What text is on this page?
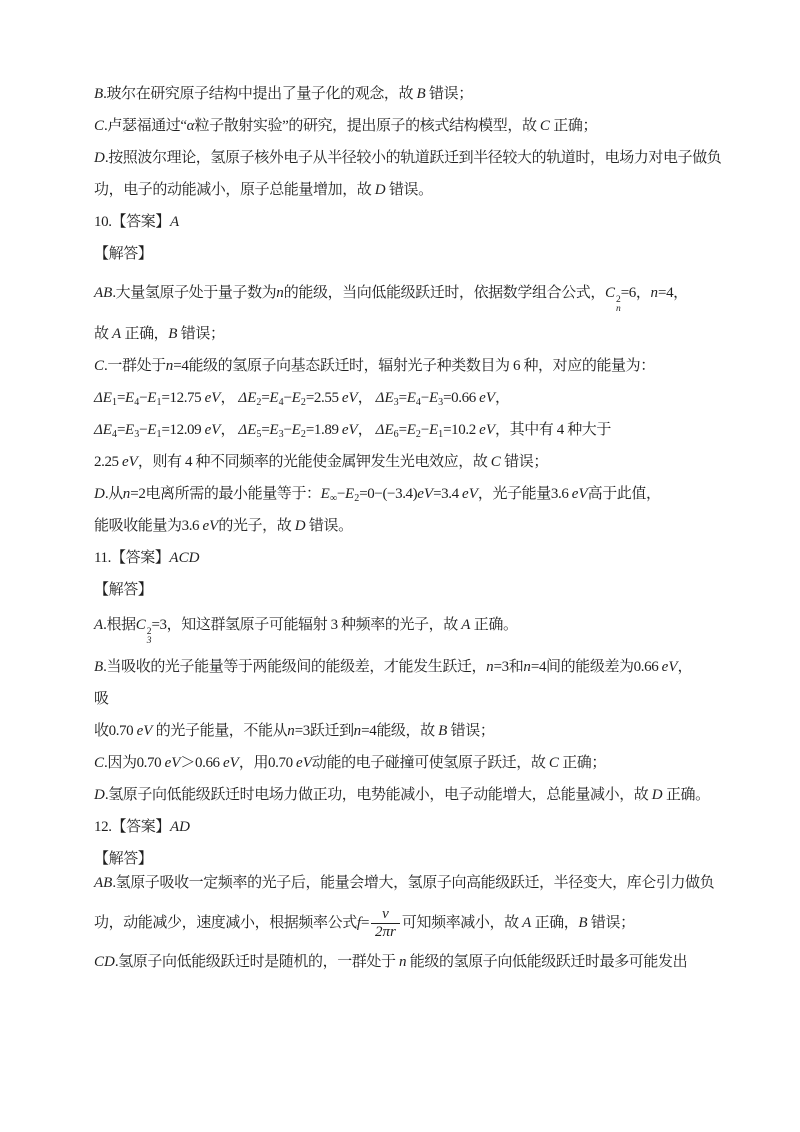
B.玻尔在研究原子结构中提出了量子化的观念，故 B 错误；
C.卢瑟福通过“α粒子散射实验”的研究，提出原子的核式结构模型，故 C 正确；
D.按照波尔理论，氢原子核外电子从半径较小的轨道跃迁到半径较大的轨道时，电场力对电子做负
功，电子的动能减小，原子总能量增加，故 D 错误。
10.【答案】A
【解答】
AB.大量氢原子处于量子数为n的能级，当向低能级跃迁时，依据数学组合公式，C 2
n
=6，n=4，
故 A 正确，B 错误；
C.一群处于n=4能级的氢原子向基态跃迁时，辐射光子种类数目为 6 种，对应的能量为：
$\Delta E_1=E_4-E_1=12.75$ eV， $\Delta E_2=E_4-E_2=2.55$ eV， $\Delta E_3=E_4-E_3=0.66$ eV，
$\Delta E_4=E_3-E_1=12.09$ eV， $\Delta E_5=E_3-E_2=1.89$ eV， $\Delta E_6=E_2-E_1=10.2$ eV，其中有 4 种大于
2.25 eV，则有 4 种不同频率的光能使金属钾发生光电效应，故 C 错误；
D.从n=2电离所需的最小能量等于：$E_\infty-E_2=0-(-3.4)eV=3.4$ eV，光子能量3.6 eV高于此值，
能吸收能量为3.6 eV的光子，故 D 错误。
11.【答案】ACD
【解答】
A.根据C 2
3
=3，知这群氢原子可能辐射 3 种频率的光子，故 A 正确。
B.当吸收的光子能量等于两能级间的能级差，才能发生跃迁，n=3和n=4间的能级差为0.66 eV，
吸
收0.70 eV 的光子能量，不能从n=3跃迁到n=4能级，故 B 错误；
C.因为0.70 eV＞0.66 eV，用0.70 eV动能的电子碰撞可使氢原子跃迁，故 C 正确；
D.氢原子向低能级跃迁时电场力做正功，电势能减小，电子动能增大，总能量减小，故 D 正确。
12.【答案】AD
【解答】
AB.氢原子吸收一定频率的光子后，能量会增大，氢原子向高能级跃迁，半径变大，库仑引力做负
功，动能减少，速度减小，根据频率公式$f= \frac{v}{2\pi r}$ 可知频率减小，故 A 正确，B 错误；
CD.氢原子向低能级跃迁时是随机的，一群处于 n 能级的氢原子向低能级跃迁时最多可能发出
